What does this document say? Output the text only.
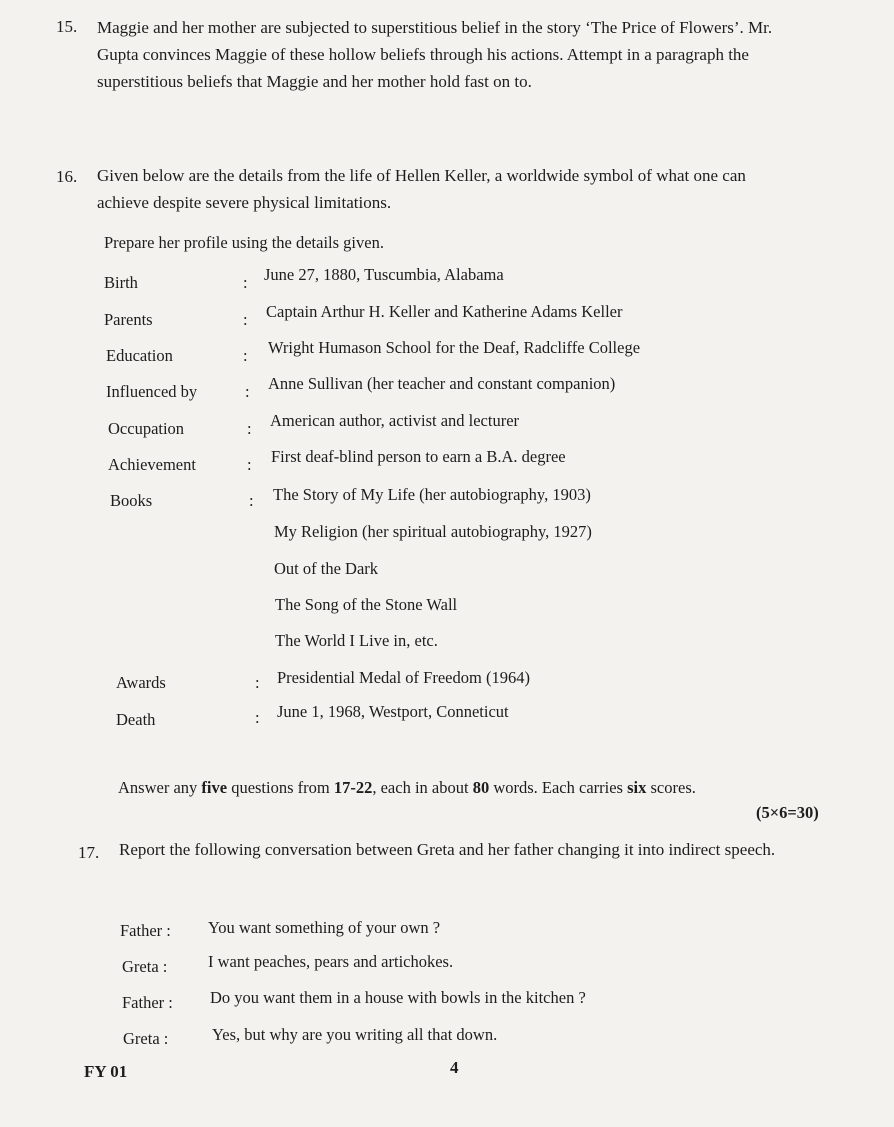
15. Maggie and her mother are subjected to superstitious belief in the story ‘The Price of Flowers’. Mr. Gupta convinces Maggie of these hollow beliefs through his actions. Attempt in a paragraph the superstitious beliefs that Maggie and her mother hold fast on to.
16. Given below are the details from the life of Hellen Keller, a worldwide symbol of what one can achieve despite severe physical limitations.
Prepare her profile using the details given.
Birth	: June 27, 1880, Tuscumbia, Alabama
Parents	: Captain Arthur H. Keller and Katherine Adams Keller
Education	: Wright Humason School for the Deaf, Radcliffe College
Influenced by	: Anne Sullivan (her teacher and constant companion)
Occupation	: American author, activist and lecturer
Achievement	: First deaf-blind person to earn a B.A. degree
Books	: The Story of My Life (her autobiography, 1903)
My Religion (her spiritual autobiography, 1927)
Out of the Dark
The Song of the Stone Wall
The World I Live in, etc.
Awards	: Presidential Medal of Freedom (1964)
Death	: June 1, 1968, Westport, Conneticut
Answer any five questions from 17-22, each in about 80 words. Each carries six scores.
(5×6=30)
17. Report the following conversation between Greta and her father changing it into indirect speech.
Father : You want something of your own ?
Greta : I want peaches, pears and artichokes.
Father : Do you want them in a house with bowls in the kitchen ?
Greta :	Yes, but why are you writing all that down.
FY 01	4
